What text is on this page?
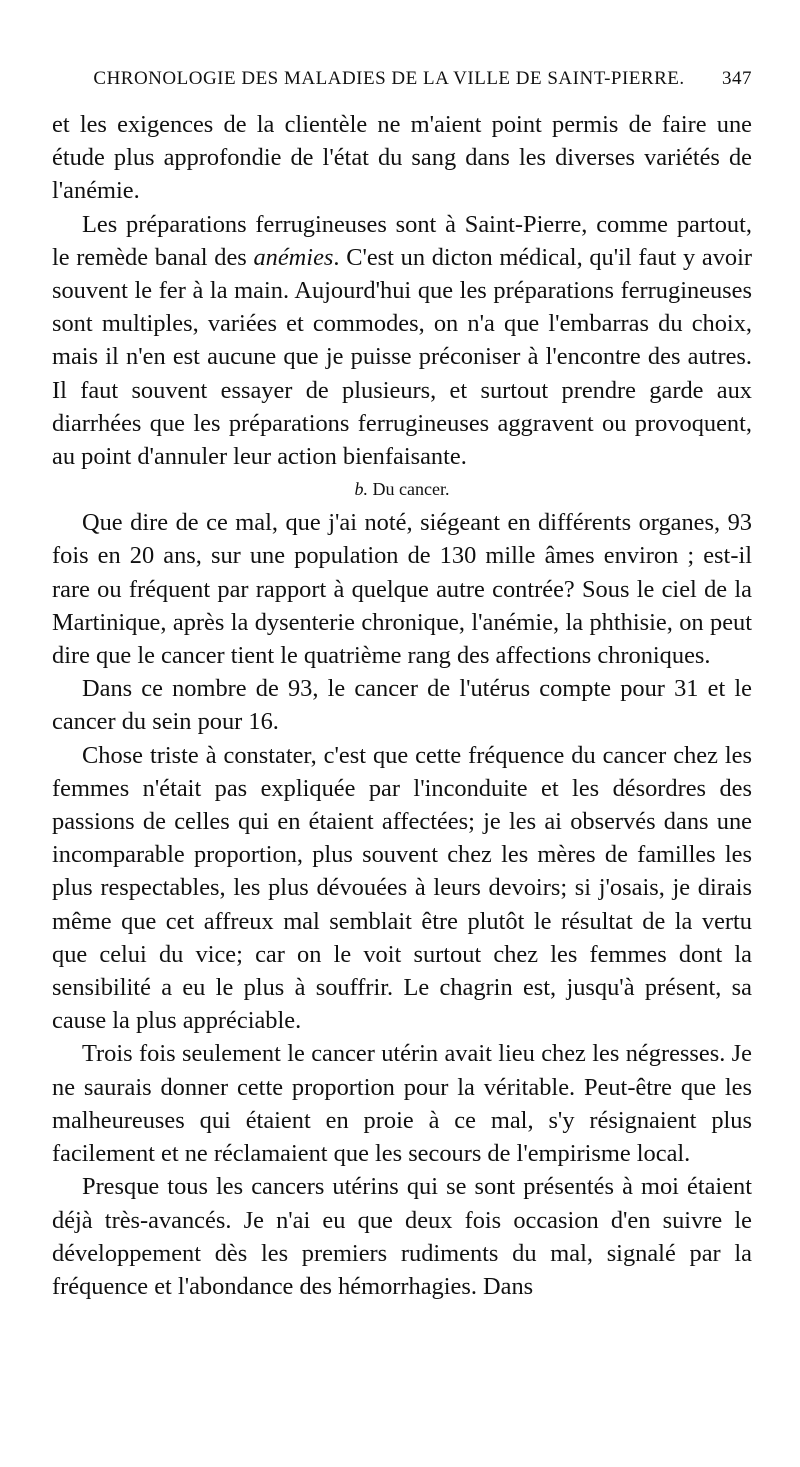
CHRONOLOGIE DES MALADIES DE LA VILLE DE SAINT-PIERRE.	347

et les exigences de la clientèle ne m'aient point permis de faire une étude plus approfondie de l'état du sang dans les diverses variétés de l'anémie.

Les préparations ferrugineuses sont à Saint-Pierre, comme partout, le remède banal des anémies. C'est un dicton médical, qu'il faut y avoir souvent le fer à la main. Aujourd'hui que les préparations ferrugineuses sont multiples, variées et commodes, on n'a que l'embarras du choix, mais il n'en est aucune que je puisse préconiser à l'encontre des autres. Il faut souvent essayer de plusieurs, et surtout prendre garde aux diarrhées que les préparations ferrugineuses aggravent ou provoquent, au point d'annuler leur action bienfaisante.

b. Du cancer.

Que dire de ce mal, que j'ai noté, siégeant en différents organes, 93 fois en 20 ans, sur une population de 130 mille âmes environ ; est-il rare ou fréquent par rapport à quelque autre contrée? Sous le ciel de la Martinique, après la dysenterie chronique, l'anémie, la phthisie, on peut dire que le cancer tient le quatrième rang des affections chroniques.

Dans ce nombre de 93, le cancer de l'utérus compte pour 31 et le cancer du sein pour 16.

Chose triste à constater, c'est que cette fréquence du cancer chez les femmes n'était pas expliquée par l'inconduite et les désordres des passions de celles qui en étaient affectées; je les ai observés dans une incomparable proportion, plus souvent chez les mères de familles les plus respectables, les plus dévouées à leurs devoirs; si j'osais, je dirais même que cet affreux mal semblait être plutôt le résultat de la vertu que celui du vice; car on le voit surtout chez les femmes dont la sensibilité a eu le plus à souffrir. Le chagrin est, jusqu'à présent, sa cause la plus appréciable.

Trois fois seulement le cancer utérin avait lieu chez les négresses. Je ne saurais donner cette proportion pour la véritable. Peut-être que les malheureuses qui étaient en proie à ce mal, s'y résignaient plus facilement et ne réclamaient que les secours de l'empirisme local.

Presque tous les cancers utérins qui se sont présentés à moi étaient déjà très-avancés. Je n'ai eu que deux fois occasion d'en suivre le développement dès les premiers rudiments du mal, signalé par la fréquence et l'abondance des hémorrhagies. Dans
